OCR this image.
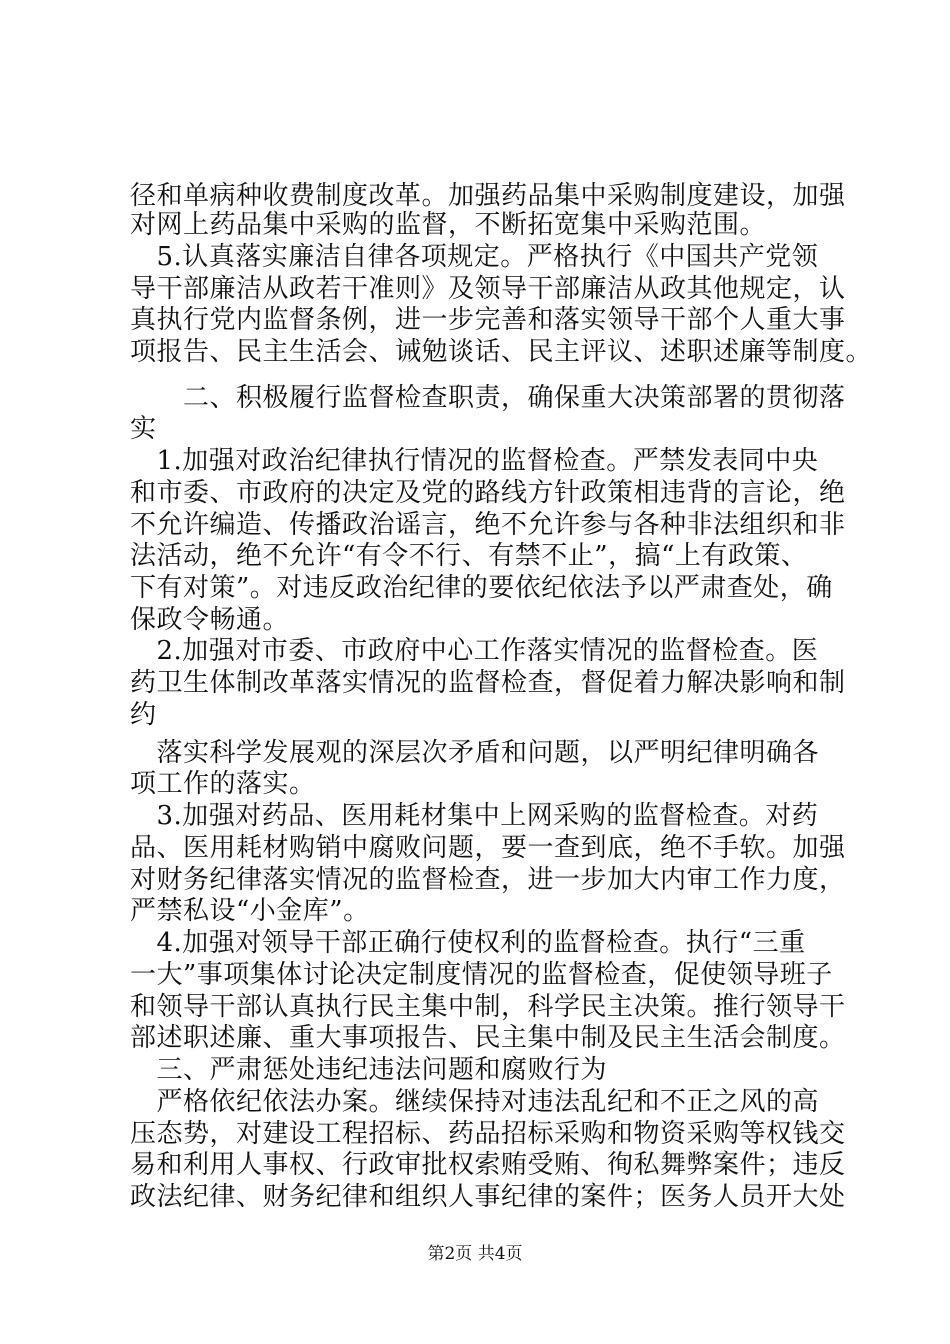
第2页 共4页
径和单病种收费制度改革。加强药品集中采购制度建设，加强
对网上药品集中采购的监督，不断拓宽集中采购范围。
　5.认真落实廉洁自律各项规定。严格执行《中国共产党领
导干部廉洁从政若干准则》及领导干部廉洁从政其他规定，认
真执行党内监督条例，进一步完善和落实领导干部个人重大事
项报告、民主生活会、诫勉谈话、民主评议、述职述廉等制度。
　　二、积极履行监督检查职责，确保重大决策部署的贯彻落
实
　1.加强对政治纪律执行情况的监督检查。严禁发表同中央
和市委、市政府的决定及党的路线方针政策相违背的言论，绝
不允许编造、传播政治谣言，绝不允许参与各种非法组织和非
法活动，绝不允许“有令不行、有禁不止”，搞“上有政策、
下有对策”。对违反政治纪律的要依纪依法予以严肃查处，确
保政令畅通。
　2.加强对市委、市政府中心工作落实情况的监督检查。医
药卫生体制改革落实情况的监督检查，督促着力解决影响和制
约
　落实科学发展观的深层次矛盾和问题，以严明纪律明确各
项工作的落实。
　3.加强对药品、医用耗材集中上网采购的监督检查。对药
品、医用耗材购销中腐败问题，要一查到底，绝不手软。加强
对财务纪律落实情况的监督检查，进一步加大内审工作力度，
严禁私设“小金库”。
　4.加强对领导干部正确行使权利的监督检查。执行“三重
一大”事项集体讨论决定制度情况的监督检查，促使领导班子
和领导干部认真执行民主集中制，科学民主决策。推行领导干
部述职述廉、重大事项报告、民主集中制及民主生活会制度。
　三、严肃惩处违纪违法问题和腐败行为
　严格依纪依法办案。继续保持对违法乱纪和不正之风的高
压态势，对建设工程招标、药品招标采购和物资采购等权钱交
易和利用人事权、行政审批权索贿受贿、徇私舞弊案件；违反
政法纪律、财务纪律和组织人事纪律的案件；医务人员开大处
